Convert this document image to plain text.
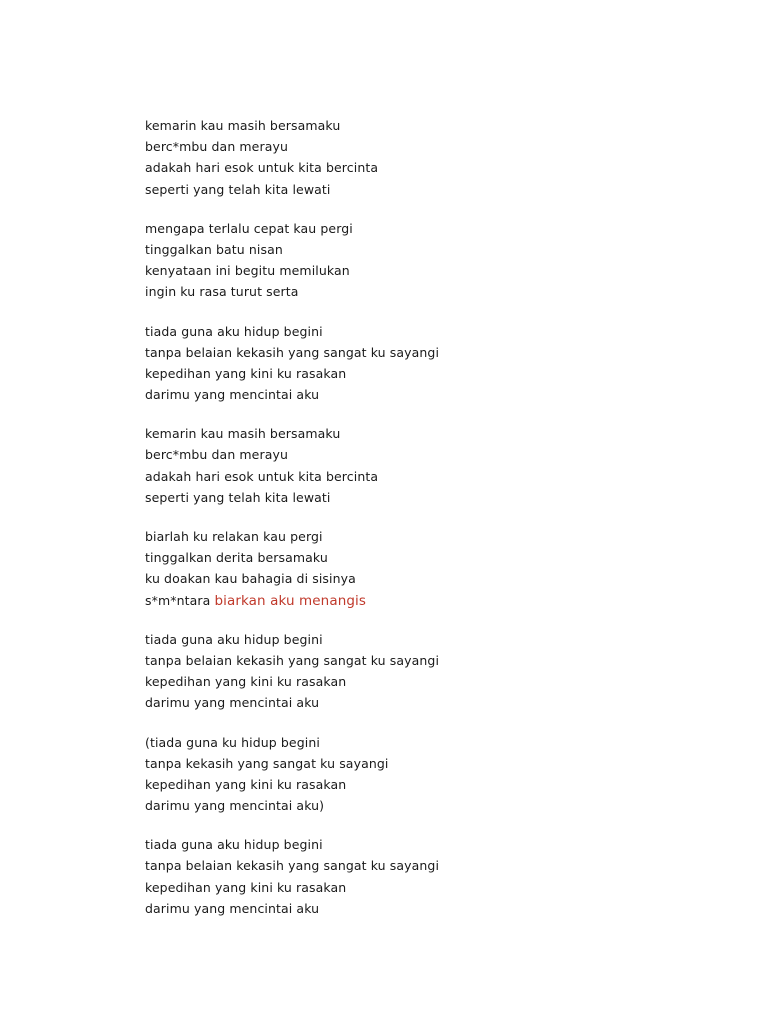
kemarin kau masih bersamaku
berc*mbu dan merayu
adakah hari esok untuk kita bercinta
seperti yang telah kita lewati
mengapa terlalu cepat kau pergi
tinggalkan batu nisan
kenyataan ini begitu memilukan
ingin ku rasa turut serta
tiada guna aku hidup begini
tanpa belaian kekasih yang sangat ku sayangi
kepedihan yang kini ku rasakan
darimu yang mencintai aku
kemarin kau masih bersamaku
berc*mbu dan merayu
adakah hari esok untuk kita bercinta
seperti yang telah kita lewati
biarlah ku relakan kau pergi
tinggalkan derita bersamaku
ku doakan kau bahagia di sisinya
s*m*ntara biarkan aku menangis
tiada guna aku hidup begini
tanpa belaian kekasih yang sangat ku sayangi
kepedihan yang kini ku rasakan
darimu yang mencintai aku
(tiada guna ku hidup begini
tanpa kekasih yang sangat ku sayangi
kepedihan yang kini ku rasakan
darimu yang mencintai aku)
tiada guna aku hidup begini
tanpa belaian kekasih yang sangat ku sayangi
kepedihan yang kini ku rasakan
darimu yang mencintai aku
